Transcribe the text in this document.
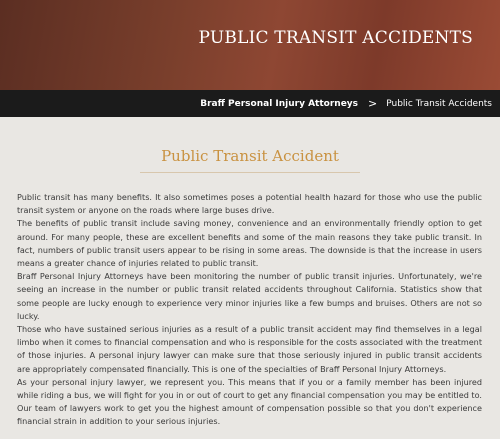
PUBLIC TRANSIT ACCIDENTS
Braff Personal Injury Attorneys > Public Transit Accidents
Public Transit Accident

Public transit has many benefits. It also sometimes poses a potential health hazard for those who use the public transit system or anyone on the roads where large buses drive.

The benefits of public transit include saving money, convenience and an environmentally friendly option to get around. For many people, these are excellent benefits and some of the main reasons they take public transit. In fact, numbers of public transit users appear to be rising in some areas. The downside is that the increase in users means a greater chance of injuries related to public transit.

Braff Personal Injury Attorneys have been monitoring the number of public transit injuries. Unfortunately, we're seeing an increase in the number or public transit related accidents throughout California. Statistics show that some people are lucky enough to experience very minor injuries like a few bumps and bruises. Others are not so lucky.

Those who have sustained serious injuries as a result of a public transit accident may find themselves in a legal limbo when it comes to financial compensation and who is responsible for the costs associated with the treatment of those injuries. A personal injury lawyer can make sure that those seriously injured in public transit accidents are appropriately compensated financially. This is one of the specialties of Braff Personal Injury Attorneys.

As your personal injury lawyer, we represent you. This means that if you or a family member has been injured while riding a bus, we will fight for you in or out of court to get any financial compensation you may be entitled to. Our team of lawyers work to get you the highest amount of compensation possible so that you don't experience financial strain in addition to your serious injuries.
